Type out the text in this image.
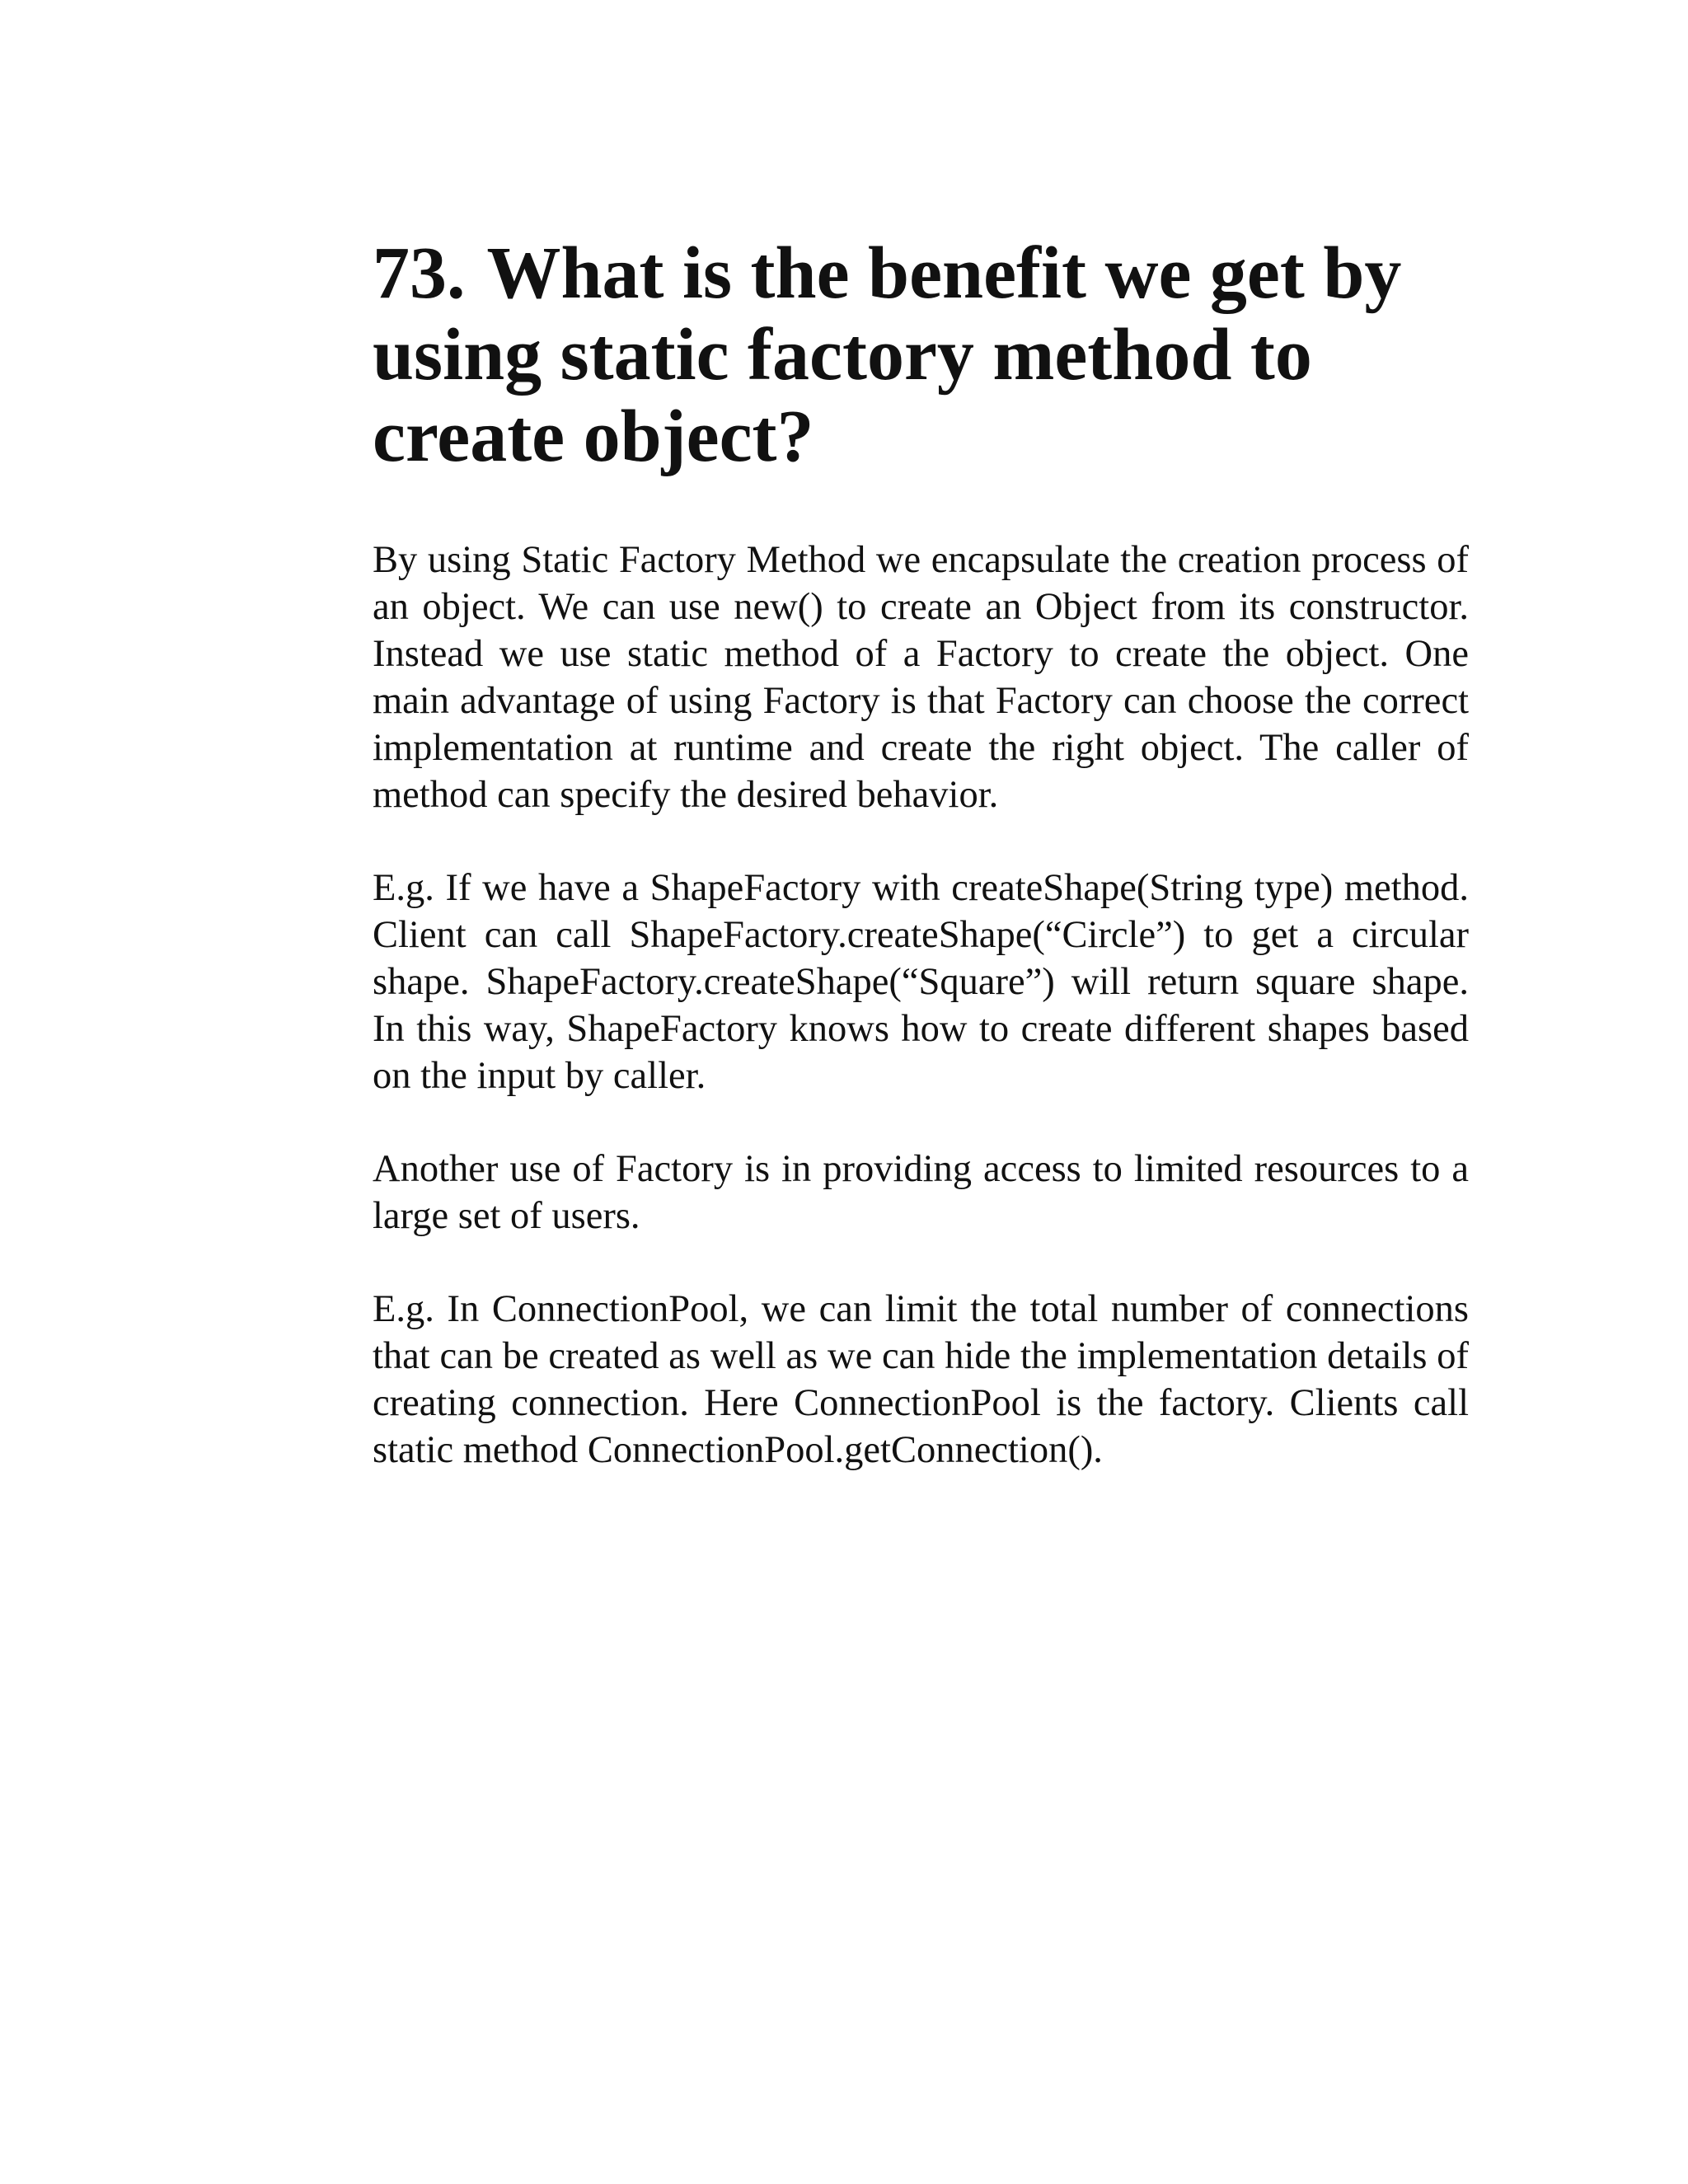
73. What is the benefit we get by using static factory method to create object?

By using Static Factory Method we encapsulate the creation process of an object. We can use new() to create an Object from its constructor. Instead we use static method of a Factory to create the object. One main advantage of using Factory is that Factory can choose the correct implementation at runtime and create the right object. The caller of method can specify the desired behavior.

E.g. If we have a ShapeFactory with createShape(String type) method. Client can call ShapeFactory.createShape(“Circle”) to get a circular shape. ShapeFactory.createShape(“Square”) will return square shape. In this way, ShapeFactory knows how to create different shapes based on the input by caller.

Another use of Factory is in providing access to limited resources to a large set of users.

E.g. In ConnectionPool, we can limit the total number of connections that can be created as well as we can hide the implementation details of creating connection. Here ConnectionPool is the factory. Clients call static method ConnectionPool.getConnection().
